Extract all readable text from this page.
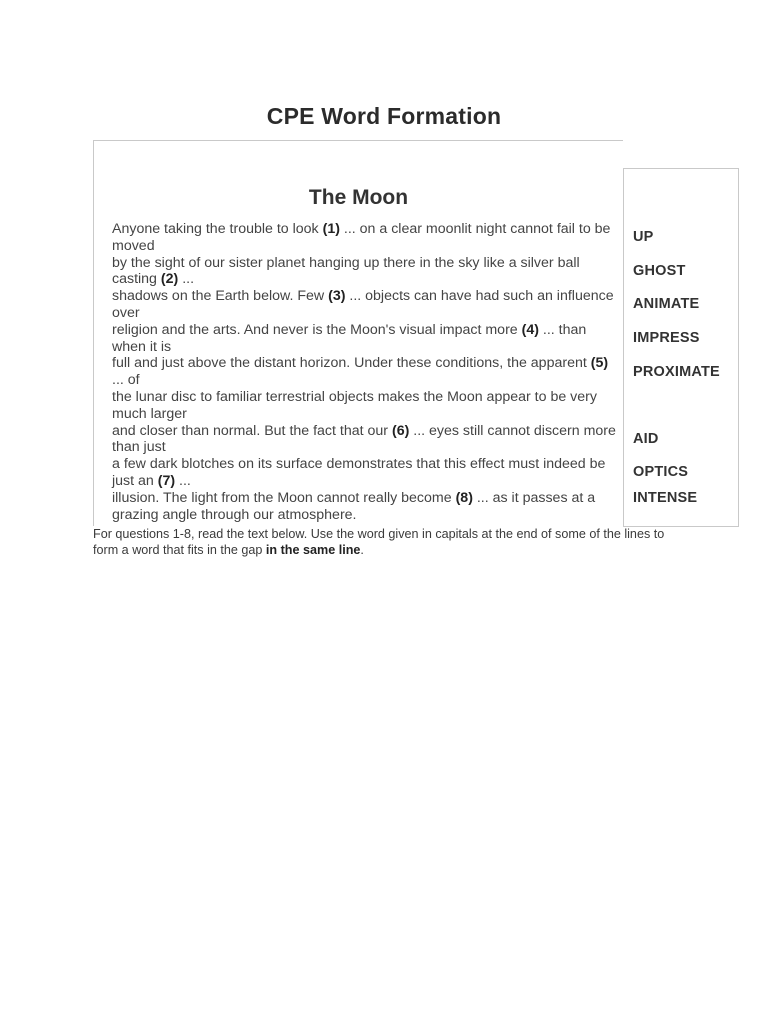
CPE Word Formation
The Moon
Anyone taking the trouble to look (1) ... on a clear moonlit night cannot fail to be moved
by the sight of our sister planet hanging up there in the sky like a silver ball casting (2) ...
shadows on the Earth below. Few (3) ... objects can have had such an influence over
religion and the arts. And never is the Moon's visual impact more (4) ... than when it is
full and just above the distant horizon. Under these conditions, the apparent (5) ... of
the lunar disc to familiar terrestrial objects makes the Moon appear to be very much larger
and closer than normal. But the fact that our (6) ... eyes still cannot discern more than just
a few dark blotches on its surface demonstrates that this effect must indeed be just an (7) ...
illusion. The light from the Moon cannot really become (8) ... as it passes at a grazing angle through our atmosphere.
UP
GHOST
ANIMATE
IMPRESS
PROXIMATE
AID
OPTICS
INTENSE
For questions 1-8, read the text below. Use the word given in capitals at the end of some of the lines to form a word that fits in the gap in the same line.
